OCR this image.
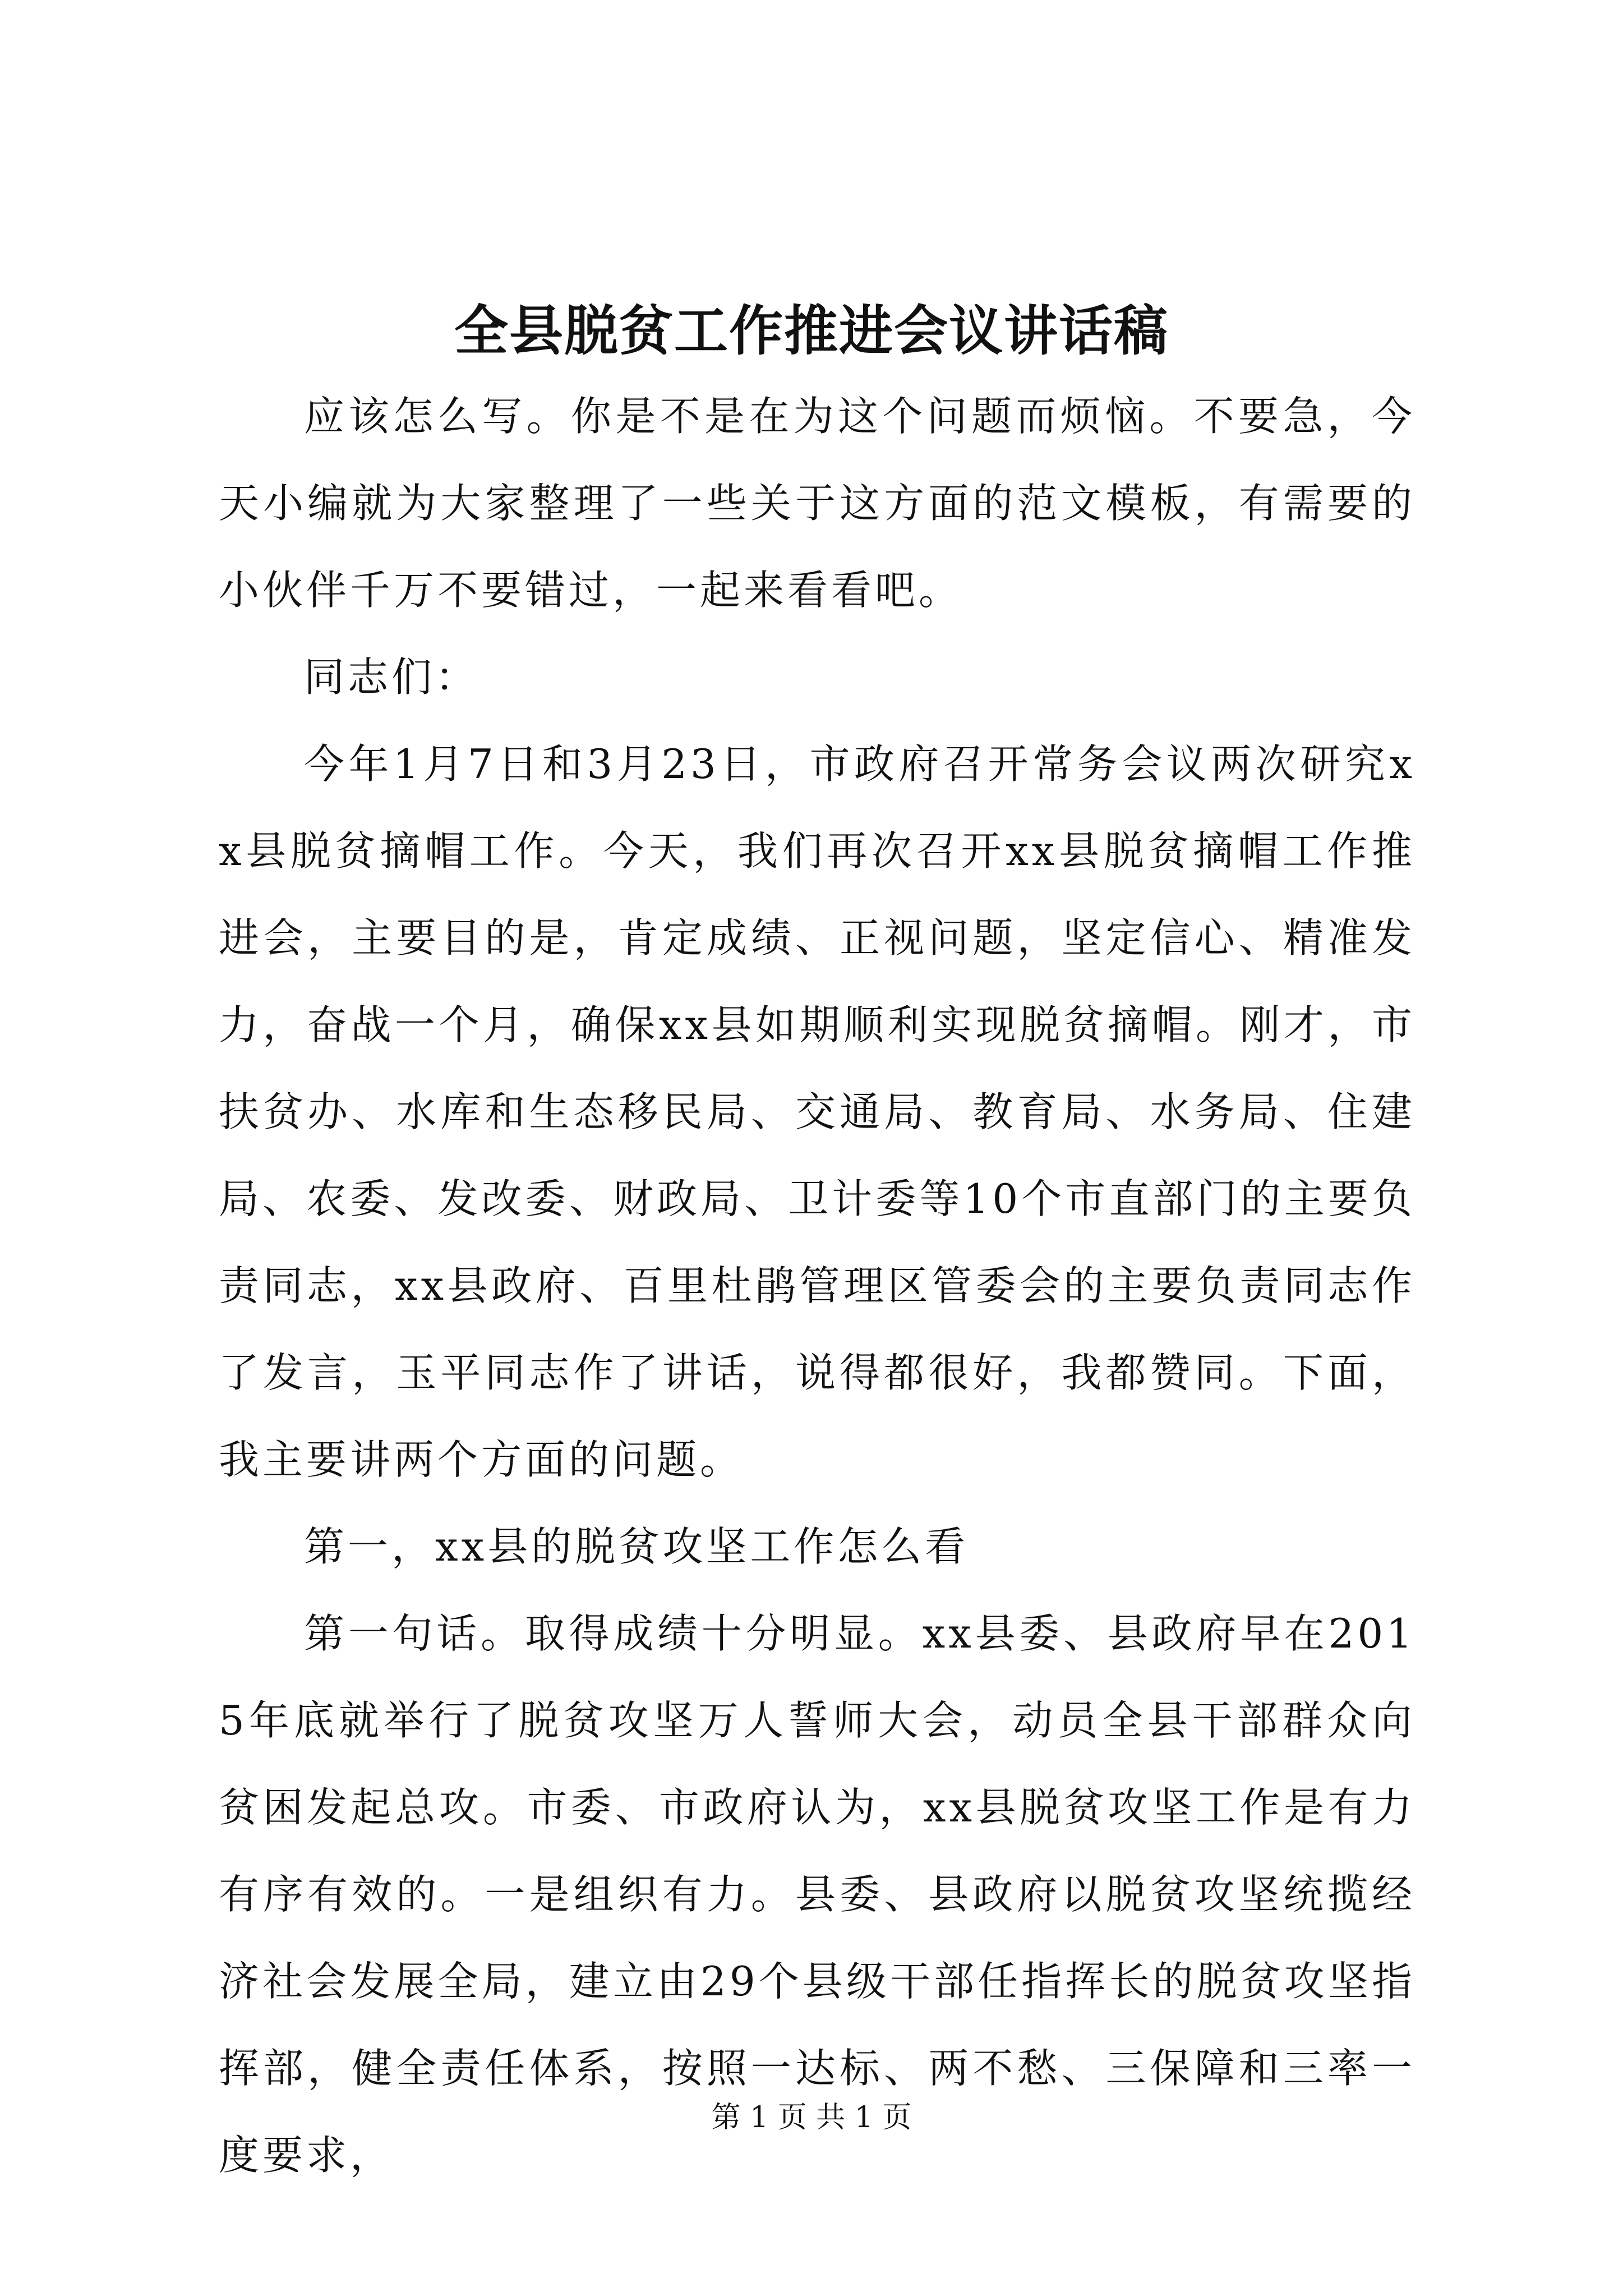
全县脱贫工作推进会议讲话稿

应该怎么写。你是不是在为这个问题而烦恼。不要急，今天小编就为大家整理了一些关于这方面的范文模板，有需要的小伙伴千万不要错过，一起来看看吧。

同志们：

今年1月7日和3月23日，市政府召开常务会议两次研究xx县脱贫摘帽工作。今天，我们再次召开xx县脱贫摘帽工作推进会，主要目的是，肯定成绩、正视问题，坚定信心、精准发力，奋战一个月，确保xx县如期顺利实现脱贫摘帽。刚才，市扶贫办、水库和生态移民局、交通局、教育局、水务局、住建局、农委、发改委、财政局、卫计委等10个市直部门的主要负责同志，xx县政府、百里杜鹃管理区管委会的主要负责同志作了发言，玉平同志作了讲话，说得都很好，我都赞同。下面，我主要讲两个方面的问题。

第一，xx县的脱贫攻坚工作怎么看

第一句话。取得成绩十分明显。xx县委、县政府早在2015年底就举行了脱贫攻坚万人誓师大会，动员全县干部群众向贫困发起总攻。市委、市政府认为，xx县脱贫攻坚工作是有力有序有效的。一是组织有力。县委、县政府以脱贫攻坚统揽经济社会发展全局，建立由29个县级干部任指挥长的脱贫攻坚指挥部，健全责任体系，按照一达标、两不愁、三保障和三率一度要求，

第 1 页 共 1 页
